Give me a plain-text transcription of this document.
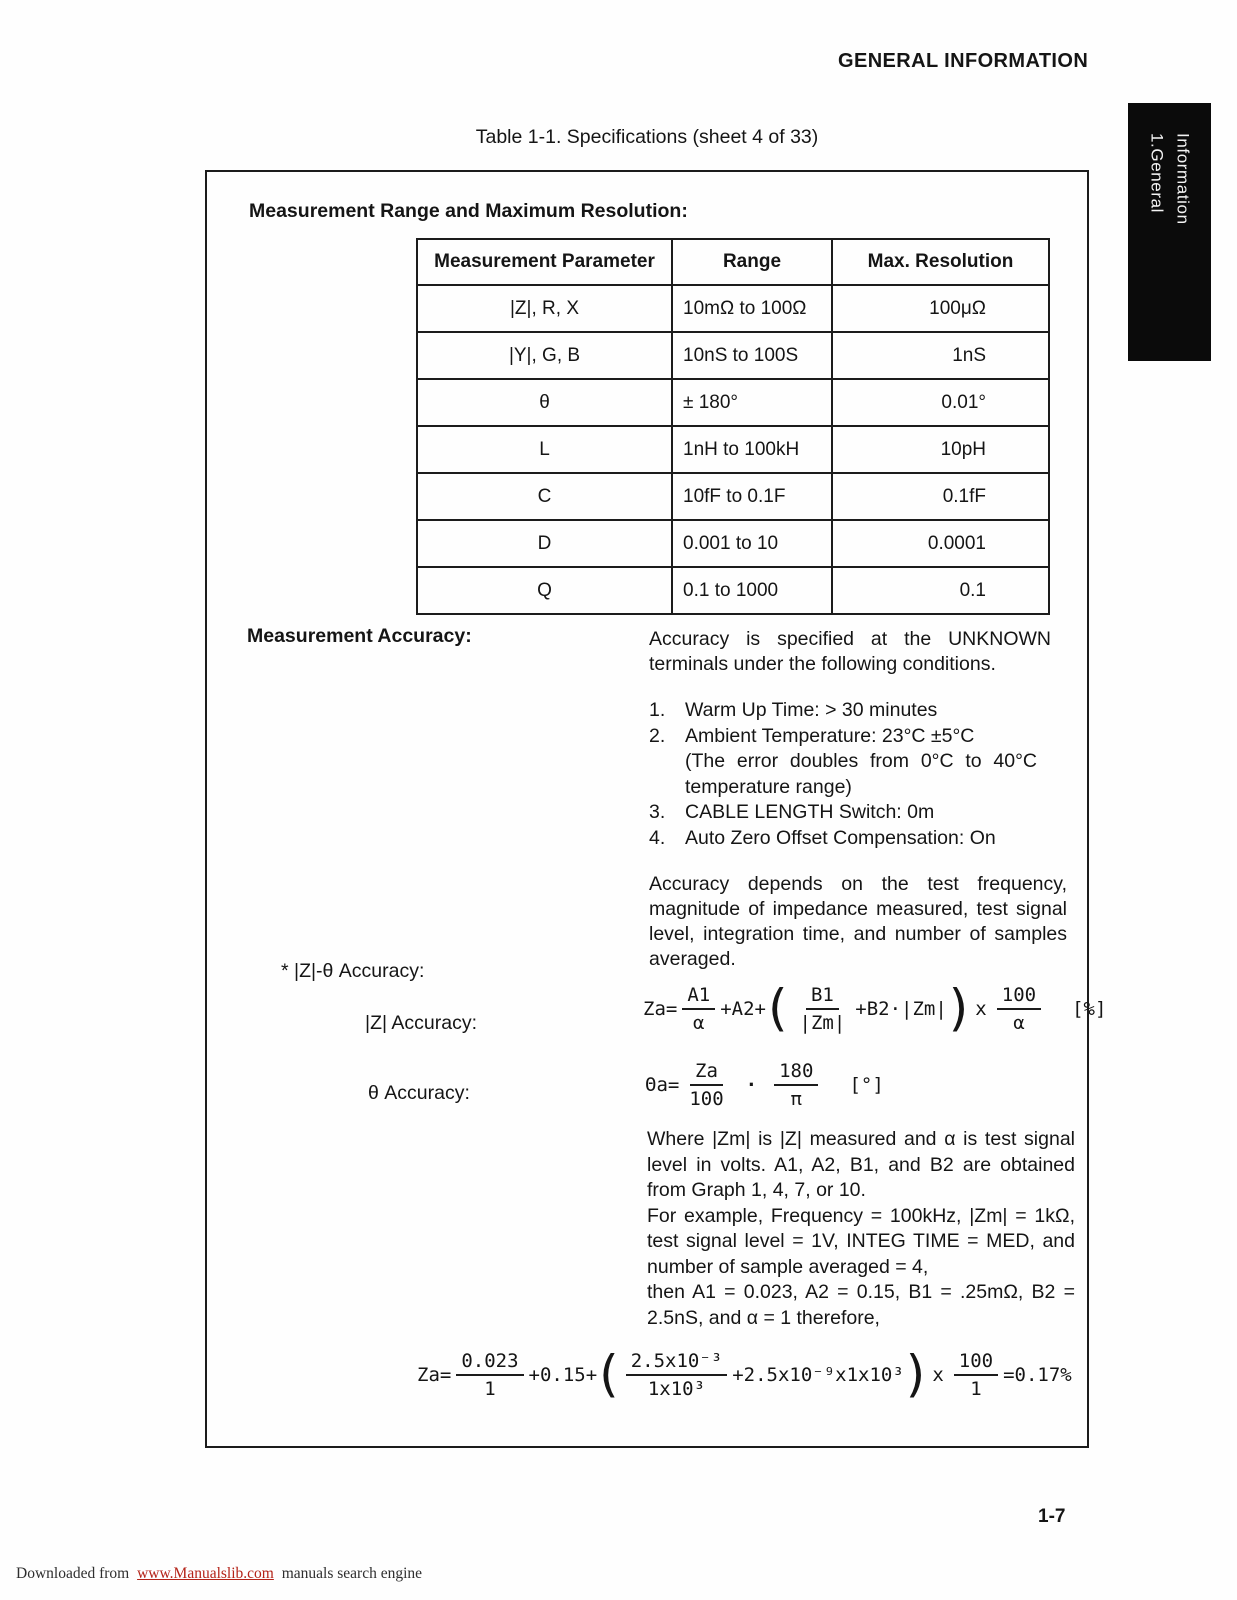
GENERAL INFORMATION
1.General Information
Table 1-1. Specifications (sheet 4 of 33)
Measurement Range and Maximum Resolution:
Measurement Parameter	Range	Max. Resolution
|Z|, R, X	10mΩ to 100Ω	100μΩ
|Y|, G, B	10nS to 100S	1nS
θ	± 180°	0.01°
L	1nH to 100kH	10pH
C	10fF to 0.1F	0.1fF
D	0.001 to 10	0.0001
Q	0.1 to 1000	0.1
Measurement Accuracy:	Accuracy is specified at the UNKNOWN terminals under the following conditions.
1.	Warm Up Time: > 30 minutes
2.	Ambient Temperature: 23°C ±5°C
(The error doubles from 0°C to 40°C temperature range)
3.	CABLE LENGTH Switch: 0m
4.	Auto Zero Offset Compensation: On
Accuracy depends on the test frequency, magnitude of impedance measured, test signal level, integration time, and number of samples averaged.
* |Z|-θ Accuracy:
|Z| Accuracy:
$Za= \frac{A1}{\alpha} +A2+$ ( $\frac{B1}{|Zm|} +B2\cdot|Zm|$ ) x $\frac{100}{\alpha}$ [%]
θ Accuracy:	$\Theta a= \frac{Za}{100} \cdot \frac{180}{\pi}$ [°]

Where |Zm| is |Z| measured and α is test signal level in volts. A1, A2, B1, and B2 are obtained from Graph 1, 4, 7, or 10.

For example, Frequency = 100kHz, |Zm| = 1kΩ, test signal level = 1V, INTEG TIME = MED, and number of sample averaged = 4,

then A1 = 0.023, A2 = 0.15, B1 = .25mΩ, B2 = 2.5nS, and α = 1 therefore,

$Za= \frac{0.023}{1} +0.15+$ ( $\frac{\text{2.5x10⁻³}}{\text{1x10³}} +2.5x10^{-9}x1x10^3$ ) x $\frac{100}{1} =0.17\%$
1-7
Downloaded from www.Manualslib.com manuals search engine
